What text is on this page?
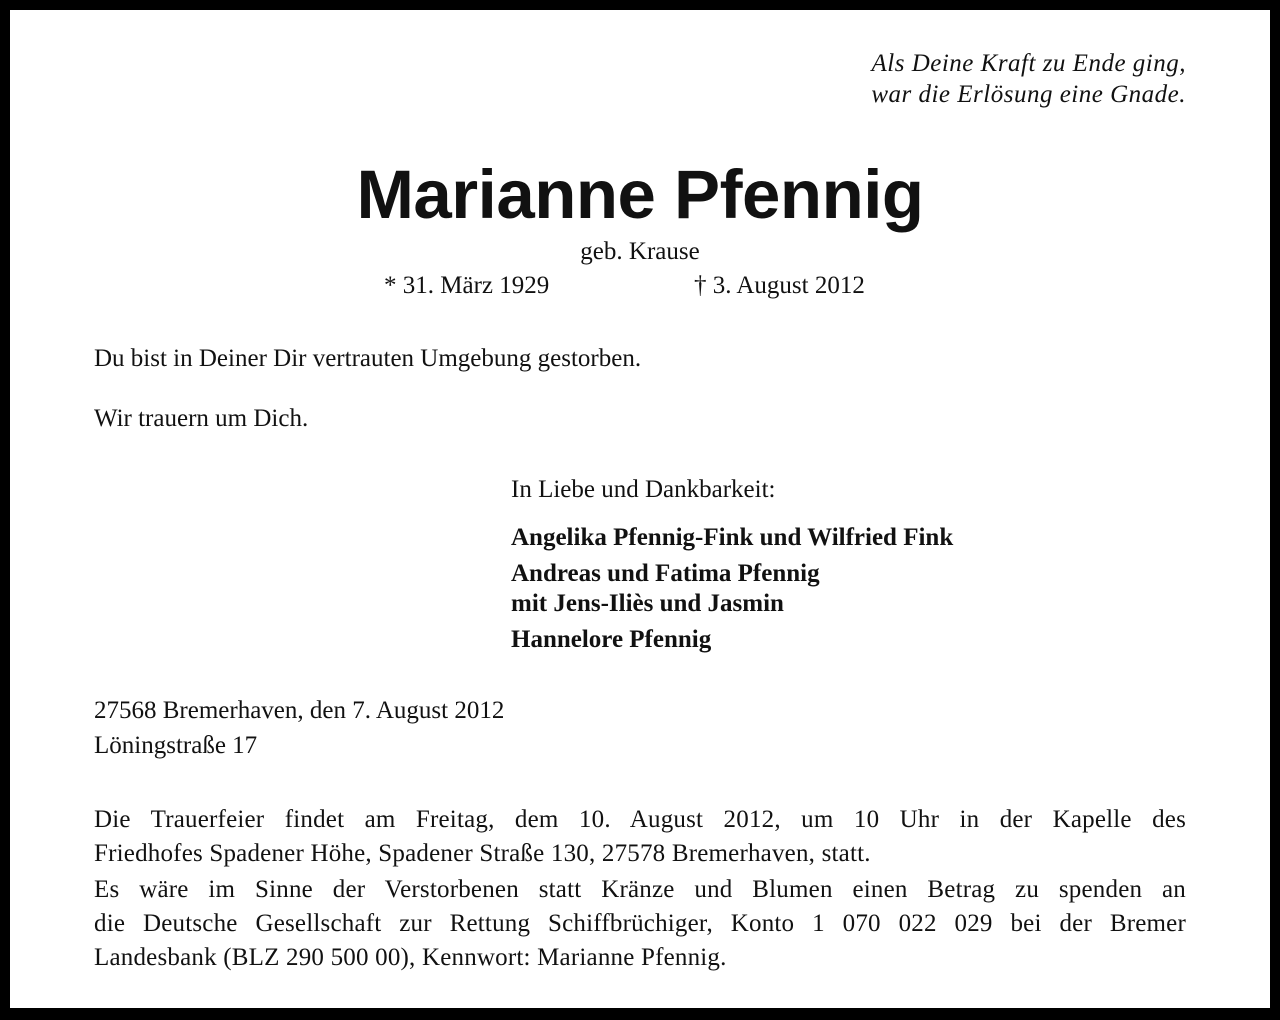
Als Deine Kraft zu Ende ging,
war die Erlösung eine Gnade.
Marianne Pfennig
geb. Krause
* 31. März 1929	† 3. August 2012
Du bist in Deiner Dir vertrauten Umgebung gestorben.
Wir trauern um Dich.
In Liebe und Dankbarkeit:
Angelika Pfennig-Fink und Wilfried Fink
Andreas und Fatima Pfennig
mit Jens-Iliès und Jasmin
Hannelore Pfennig
27568 Bremerhaven, den 7. August 2012
Löningstraße 17
Die Trauerfeier findet am Freitag, dem 10. August 2012, um 10 Uhr in der Kapelle des
Friedhofes Spadener Höhe, Spadener Straße 130, 27578 Bremerhaven, statt.
Es wäre im Sinne der Verstorbenen statt Kränze und Blumen einen Betrag zu spenden an
die Deutsche Gesellschaft zur Rettung Schiffbrüchiger, Konto 1 070 022 029 bei der Bremer
Landesbank (BLZ 290 500 00), Kennwort: Marianne Pfennig.
